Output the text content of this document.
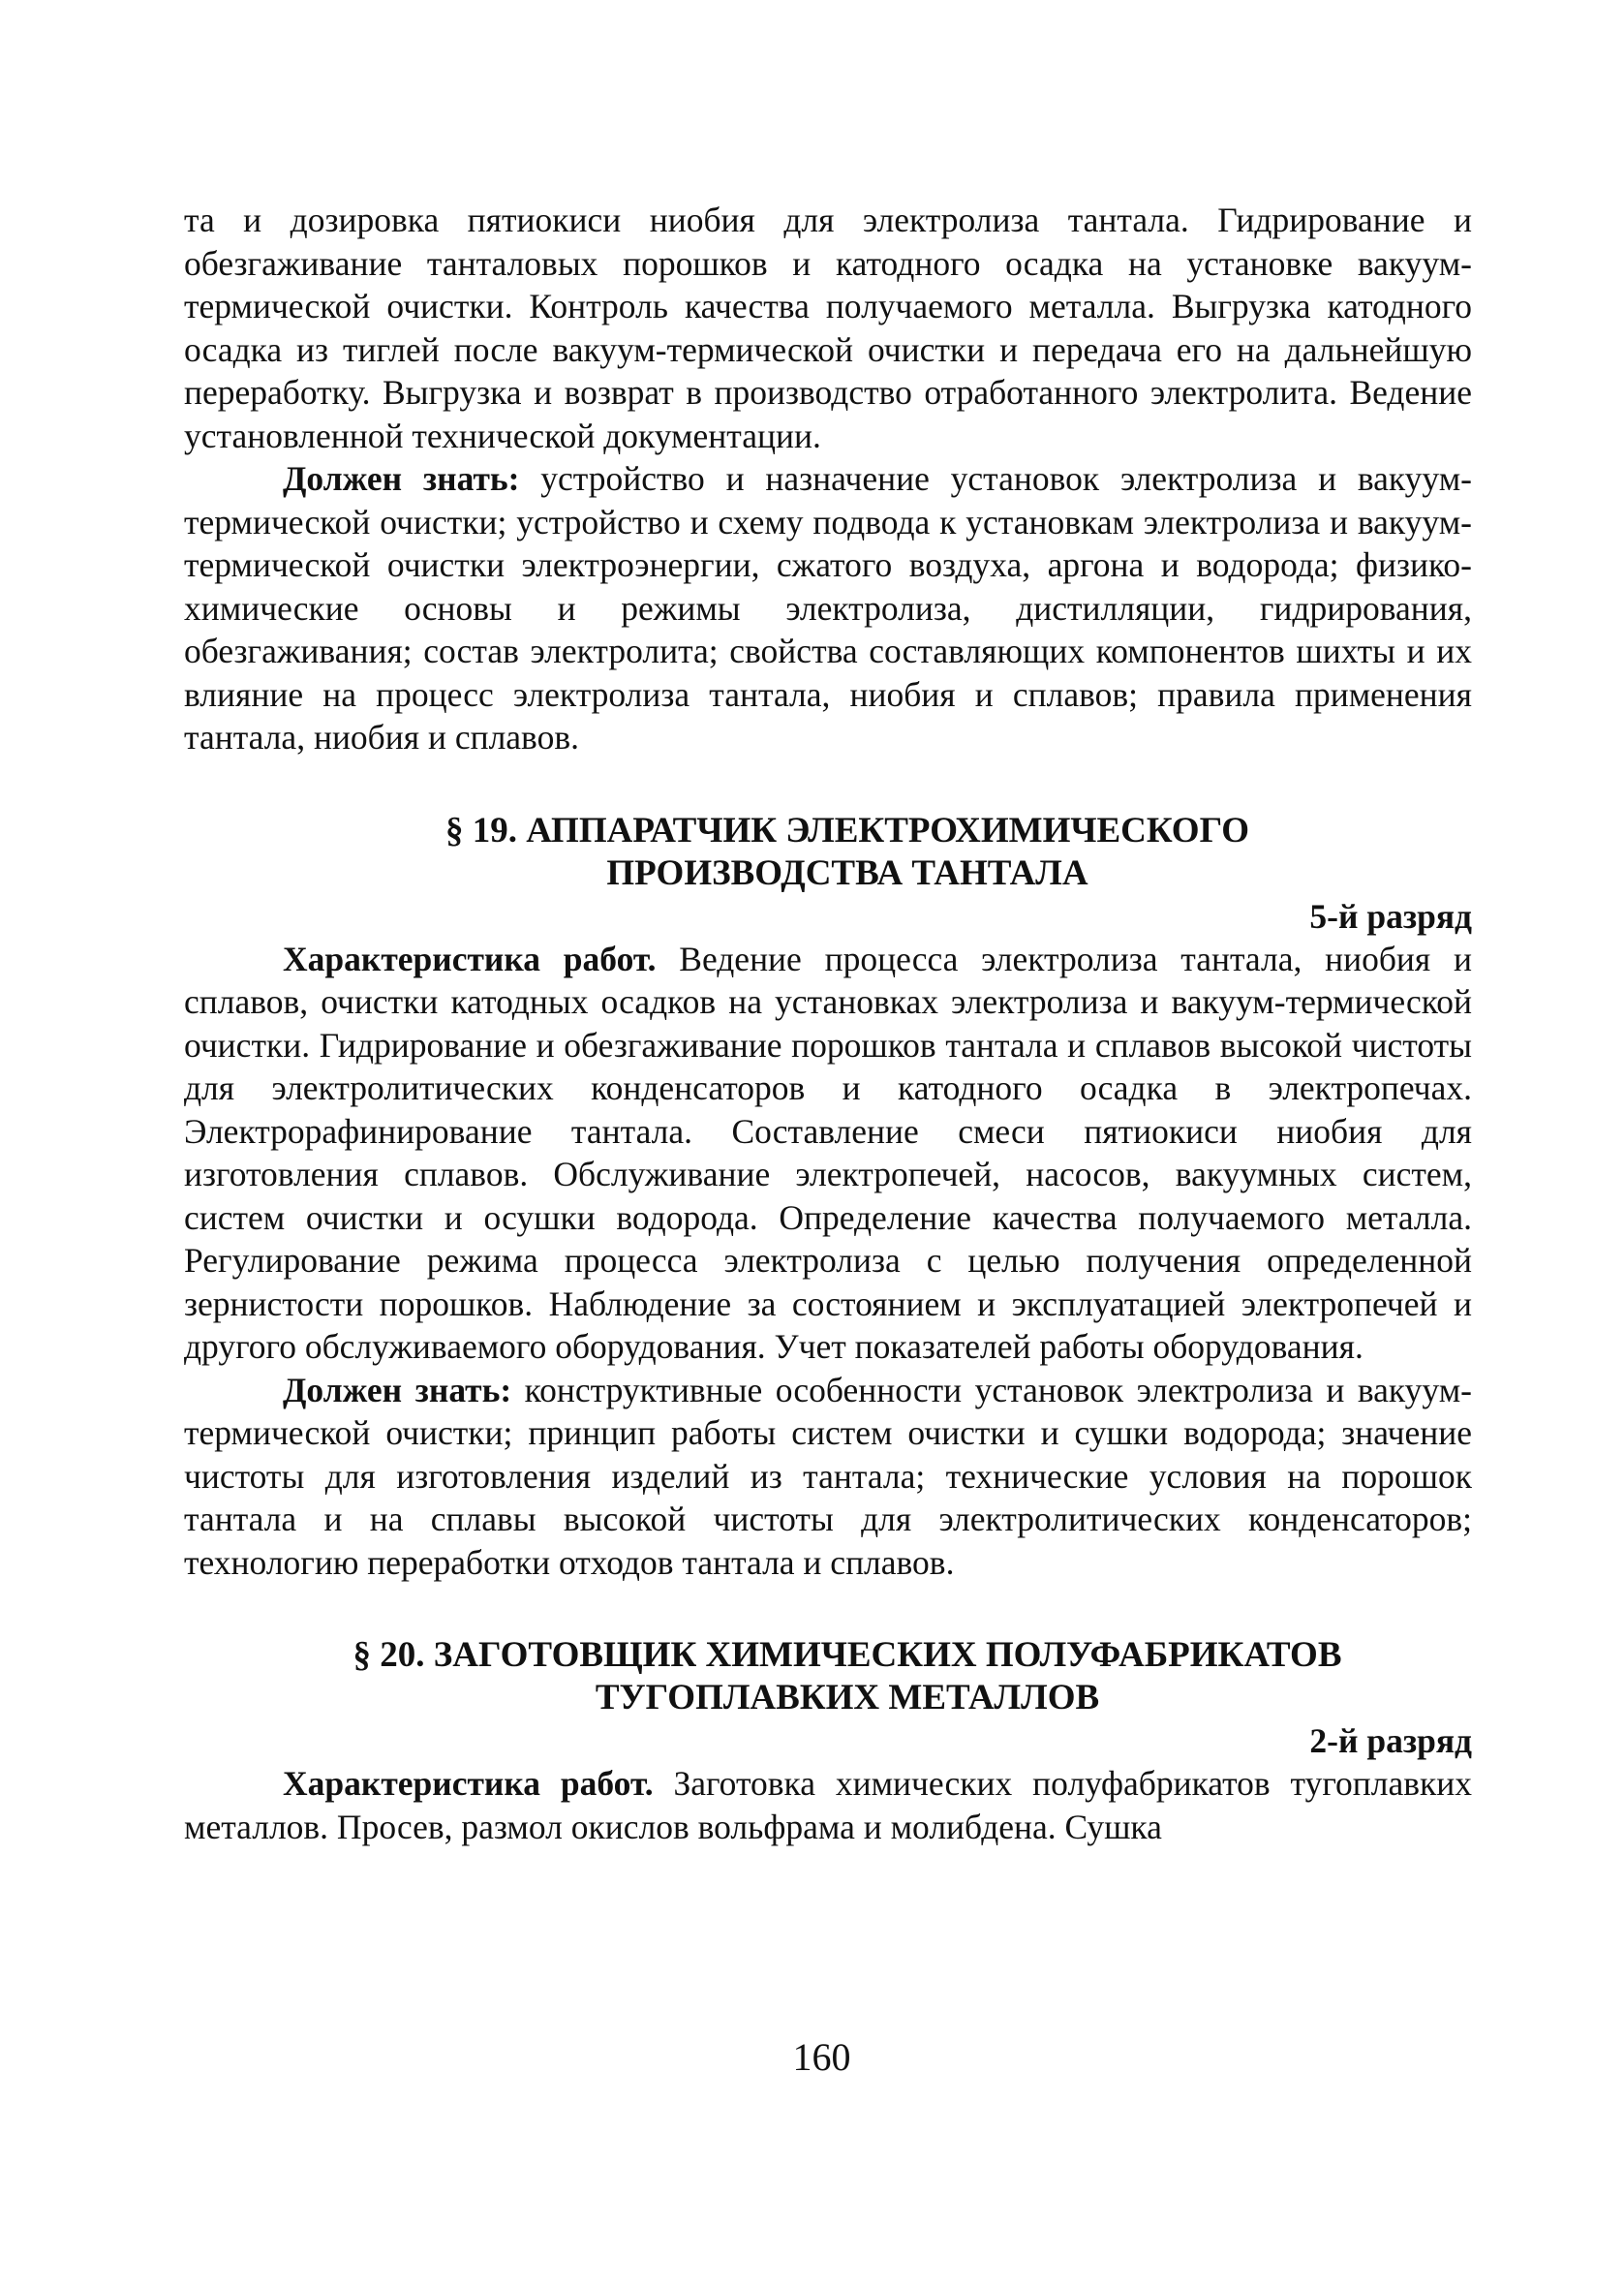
та и дозировка пятиокиси ниобия для электролиза тантала. Гидрирование и обезгаживание танталовых порошков и катодного осадка на установке вакуум-термической очистки. Контроль качества получаемого металла. Выгрузка катодного осадка из тиглей после вакуум-термической очистки и передача его на дальнейшую переработку. Выгрузка и возврат в производство отработанного электролита. Ведение установленной технической документации.

Должен знать: устройство и назначение установок электролиза и вакуум-термической очистки; устройство и схему подвода к установкам электролиза и вакуум-термической очистки электроэнергии, сжатого воздуха, аргона и водорода; физико-химические основы и режимы электролиза, дистилляции, гидрирования, обезгаживания; состав электролита; свойства составляющих компонентов шихты и их влияние на процесс электролиза тантала, ниобия и сплавов; правила применения тантала, ниобия и сплавов.

§ 19. АППАРАТЧИК ЭЛЕКТРОХИМИЧЕСКОГО

ПРОИЗВОДСТВА ТАНТАЛА

5-й разряд

Характеристика работ. Ведение процесса электролиза тантала, ниобия и сплавов, очистки катодных осадков на установках электролиза и вакуум-термической очистки. Гидрирование и обезгаживание порошков тантала и сплавов высокой чистоты для электролитических конденсаторов и катодного осадка в электропечах. Электрорафинирование тантала. Составление смеси пятиокиси ниобия для изготовления сплавов. Обслуживание электропечей, насосов, вакуумных систем, систем очистки и осушки водорода. Определение качества получаемого металла. Регулирование режима процесса электролиза с целью получения определенной зернистости порошков. Наблюдение за состоянием и эксплуатацией электропечей и другого обслуживаемого оборудования. Учет показателей работы оборудования.

Должен знать: конструктивные особенности установок электролиза и вакуум-термической очистки; принцип работы систем очистки и сушки водорода; значение чистоты для изготовления изделий из тантала; технические условия на порошок тантала и на сплавы высокой чистоты для электролитических конденсаторов; технологию переработки отходов тантала и сплавов.

§ 20. ЗАГОТОВЩИК ХИМИЧЕСКИХ ПОЛУФАБРИКАТОВ

ТУГОПЛАВКИХ МЕТАЛЛОВ

2-й разряд

Характеристика работ. Заготовка химических полуфабрикатов тугоплавких металлов. Просев, размол окислов вольфрама и молибдена. Сушка

160
